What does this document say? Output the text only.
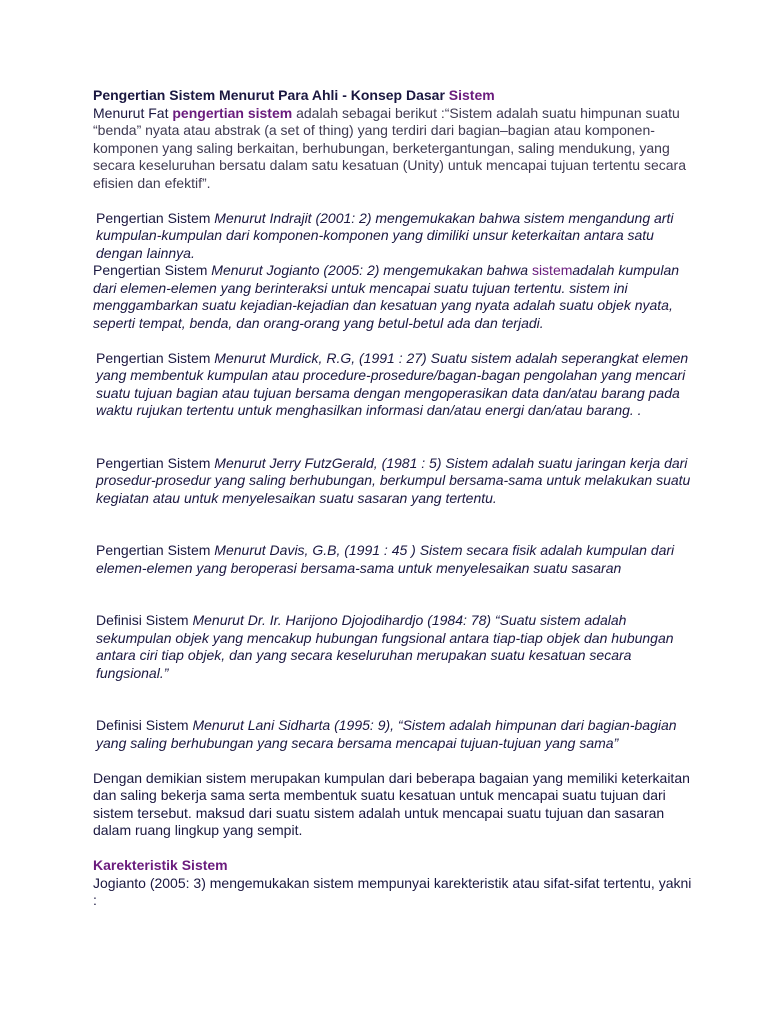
Pengertian Sistem Menurut Para Ahli - Konsep Dasar Sistem

Menurut Fat pengertian sistem adalah sebagai berikut :“Sistem adalah suatu himpunan suatu “benda” nyata atau abstrak (a set of thing) yang terdiri dari bagian–bagian atau komponen-komponen yang saling berkaitan, berhubungan, berketergantungan, saling mendukung, yang secara keseluruhan bersatu dalam satu kesatuan (Unity) untuk mencapai tujuan tertentu secara efisien dan efektif”.

Pengertian Sistem Menurut Indrajit (2001: 2) mengemukakan bahwa sistem mengandung arti kumpulan-kumpulan dari komponen-komponen yang dimiliki unsur keterkaitan antara satu dengan lainnya.

Pengertian Sistem Menurut Jogianto (2005: 2) mengemukakan bahwa sistemadalah kumpulan dari elemen-elemen yang berinteraksi untuk mencapai suatu tujuan tertentu. sistem ini menggambarkan suatu kejadian-kejadian dan kesatuan yang nyata adalah suatu objek nyata, seperti tempat, benda, dan orang-orang yang betul-betul ada dan terjadi.

Pengertian Sistem Menurut Murdick, R.G, (1991 : 27) Suatu sistem adalah seperangkat elemen yang membentuk kumpulan atau procedure-prosedure/bagan-bagan pengolahan yang mencari suatu tujuan bagian atau tujuan bersama dengan mengoperasikan data dan/atau barang pada waktu rujukan tertentu untuk menghasilkan informasi dan/atau energi dan/atau barang. .

Pengertian Sistem Menurut Jerry FutzGerald, (1981 : 5) Sistem adalah suatu jaringan kerja dari prosedur-prosedur yang saling berhubungan, berkumpul bersama-sama untuk melakukan suatu kegiatan atau untuk menyelesaikan suatu sasaran yang tertentu.

Pengertian Sistem Menurut Davis, G.B, (1991 : 45 ) Sistem secara fisik adalah kumpulan dari elemen-elemen yang beroperasi bersama-sama untuk menyelesaikan suatu sasaran

Definisi Sistem Menurut Dr. Ir. Harijono Djojodihardjo (1984: 78) “Suatu sistem adalah sekumpulan objek yang mencakup hubungan fungsional antara tiap-tiap objek dan hubungan antara ciri tiap objek, dan yang secara keseluruhan merupakan suatu kesatuan secara fungsional.”

Definisi Sistem Menurut Lani Sidharta (1995: 9), “Sistem adalah himpunan dari bagian-bagian yang saling berhubungan yang secara bersama mencapai tujuan-tujuan yang sama”

Dengan demikian sistem merupakan kumpulan dari beberapa bagaian yang memiliki keterkaitan dan saling bekerja sama serta membentuk suatu kesatuan untuk mencapai suatu tujuan dari sistem tersebut. maksud dari suatu sistem adalah untuk mencapai suatu tujuan dan sasaran dalam ruang lingkup yang sempit.

Karekteristik Sistem

Jogianto (2005: 3) mengemukakan sistem mempunyai karekteristik atau sifat-sifat tertentu, yakni :
